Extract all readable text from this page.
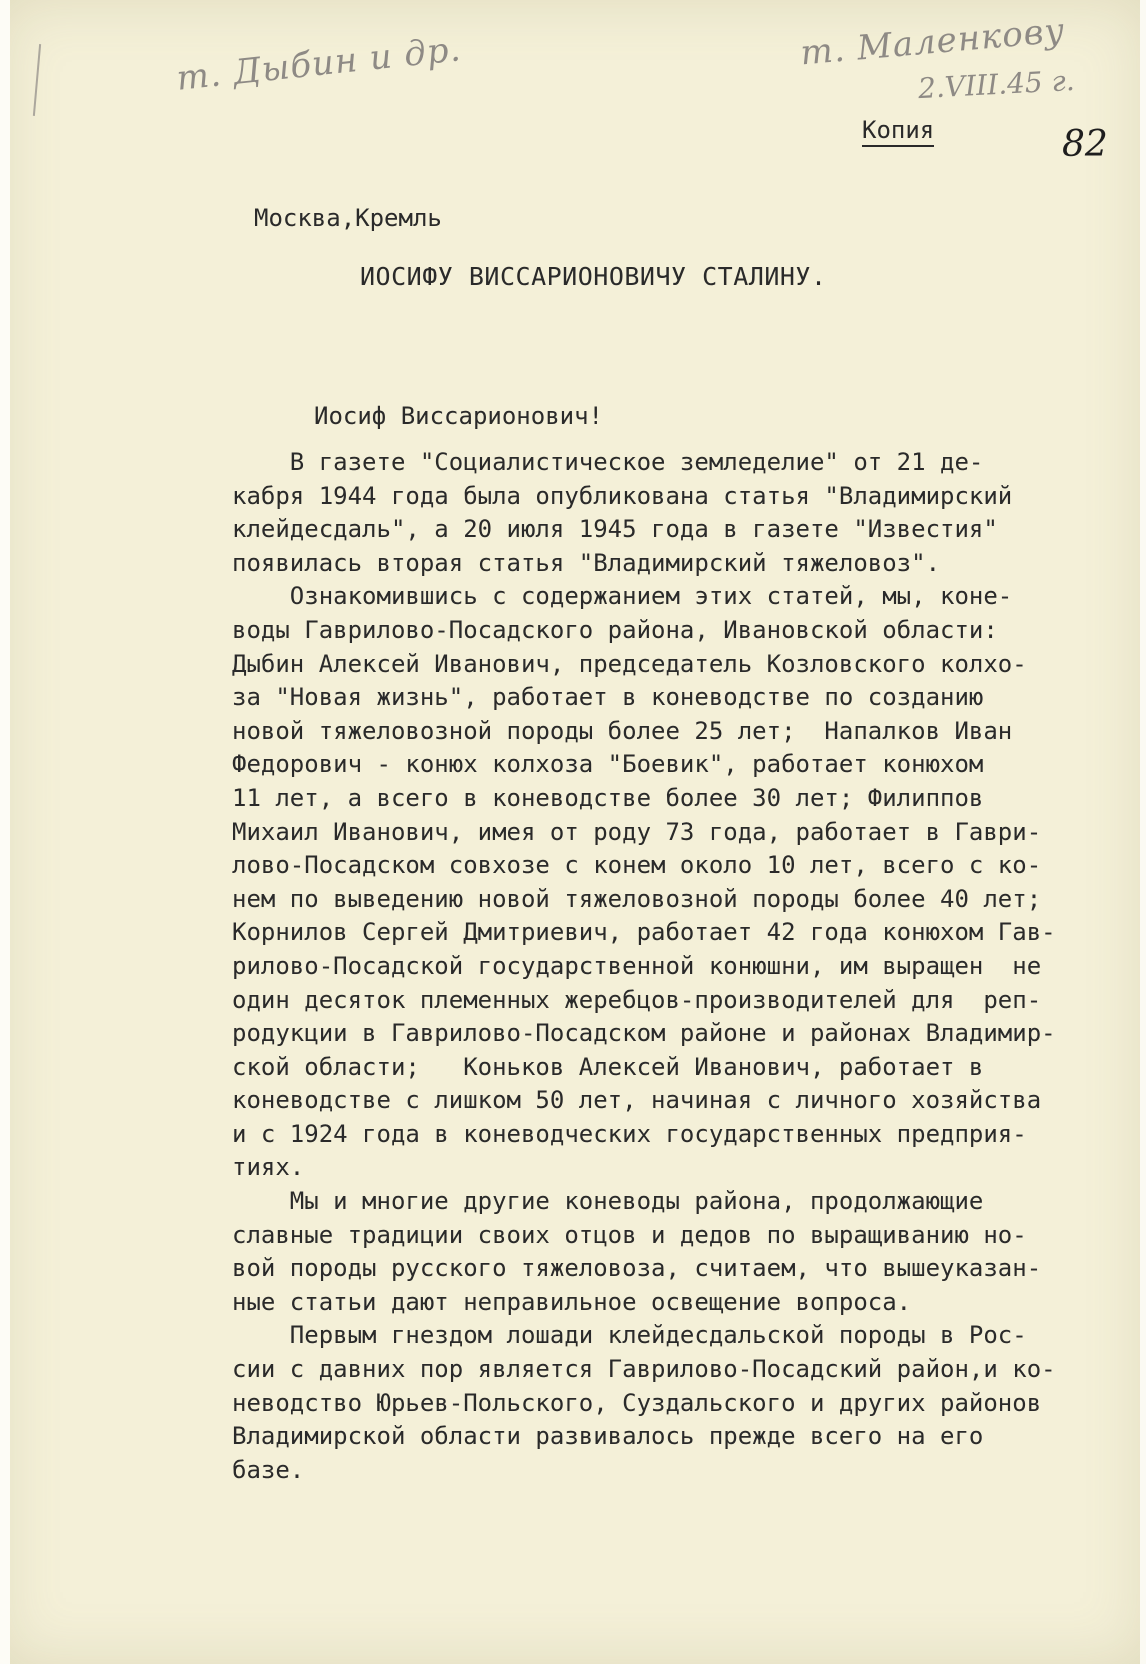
т. Дыбин и др.	т. Маленкову
2.VIII.45 г.
Копия	82
Москва,Кремль
ИОСИФУ ВИССАРИОНОВИЧУ СТАЛИНУ.
Иосиф Виссарионович!
В газете "Социалистическое земледелие" от 21 де-
кабря 1944 года была опубликована статья "Владимирский
клейдесдаль", а 20 июля 1945 года в газете "Известия"
появилась вторая статья "Владимирский тяжеловоз".
Ознакомившись с содержанием этих статей, мы, коне-
воды Гаврилово-Посадского района, Ивановской области:
Дыбин Алексей Иванович, председатель Козловского колхо-
за "Новая жизнь", работает в коневодстве по созданию
новой тяжеловозной породы более 25 лет;  Напалков Иван
Федорович - конюх колхоза "Боевик", работает конюхом
11 лет, а всего в коневодстве более 30 лет; Филиппов
Михаил Иванович, имея от роду 73 года, работает в Гаври-
лово-Посадском совхозе с конем около 10 лет, всего с ко-
нем по выведению новой тяжеловозной породы более 40 лет;
Корнилов Сергей Дмитриевич, работает 42 года конюхом Гав-
рилово-Посадской государственной конюшни, им выращен  не
один десяток племенных жеребцов-производителей для  реп-
родукции в Гаврилово-Посадском районе и районах Владимир-
ской области;   Коньков Алексей Иванович, работает в
коневодстве с лишком 50 лет, начиная с личного хозяйства
и с 1924 года в коневодческих государственных предприя-
тиях.
Мы и многие другие коневоды района, продолжающие
славные традиции своих отцов и дедов по выращиванию но-
вой породы русского тяжеловоза, считаем, что вышеуказан-
ные статьи дают неправильное освещение вопроса.
Первым гнездом лошади клейдесдальской породы в Рос-
сии с давних пор является Гаврилово-Посадский район,и ко-
неводство Юрьев-Польского, Суздальского и других районов
Владимирской области развивалось прежде всего на его
базе.
